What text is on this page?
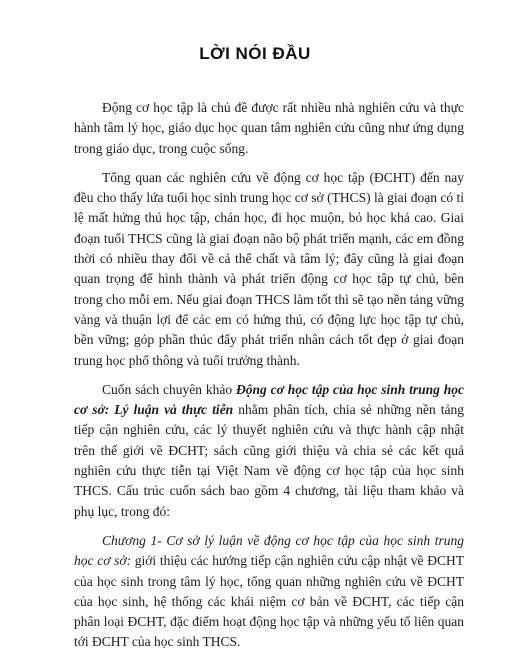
LỜI NÓI ĐẦU

Động cơ học tập là chủ đề được rất nhiều nhà nghiên cứu và thực hành tâm lý học, giáo dục học quan tâm nghiên cứu cũng như ứng dụng trong giáo dục, trong cuộc sống.

Tổng quan các nghiên cứu về động cơ học tập (ĐCHT) đến nay đều cho thấy lứa tuổi học sinh trung học cơ sở (THCS) là giai đoạn có tỉ lệ mất hứng thú học tập, chán học, đi học muộn, bỏ học khá cao. Giai đoạn tuổi THCS cũng là giai đoạn não bộ phát triển mạnh, các em đồng thời có nhiều thay đổi về cả thể chất và tâm lý; đây cũng là giai đoạn quan trọng để hình thành và phát triển động cơ học tập tự chủ, bên trong cho mỗi em. Nếu giai đoạn THCS làm tốt thì sẽ tạo nền tảng vững vàng và thuận lợi để các em có hứng thú, có động lực học tập tự chủ, bền vững; góp phần thúc đẩy phát triển nhân cách tốt đẹp ở giai đoạn trung học phổ thông và tuổi trưởng thành.

Cuốn sách chuyên khảo Động cơ học tập của học sinh trung học cơ sở: Lý luận và thực tiễn nhằm phân tích, chia sẻ những nền tảng tiếp cận nghiên cứu, các lý thuyết nghiên cứu và thực hành cập nhật trên thế giới về ĐCHT; sách cũng giới thiệu và chia sẻ các kết quả nghiên cứu thực tiễn tại Việt Nam về động cơ học tập của học sinh THCS. Cấu trúc cuốn sách bao gồm 4 chương, tài liệu tham khảo và phụ lục, trong đó:

Chương 1- Cơ sở lý luận về động cơ học tập của học sinh trung học cơ sở: giới thiệu các hướng tiếp cận nghiên cứu cập nhật về ĐCHT của học sinh trong tâm lý học, tổng quan những nghiên cứu về ĐCHT của học sinh, hệ thống các khái niệm cơ bản về ĐCHT, các tiếp cận phân loại ĐCHT, đặc điểm hoạt động học tập và những yếu tố liên quan tới ĐCHT của học sinh THCS.
